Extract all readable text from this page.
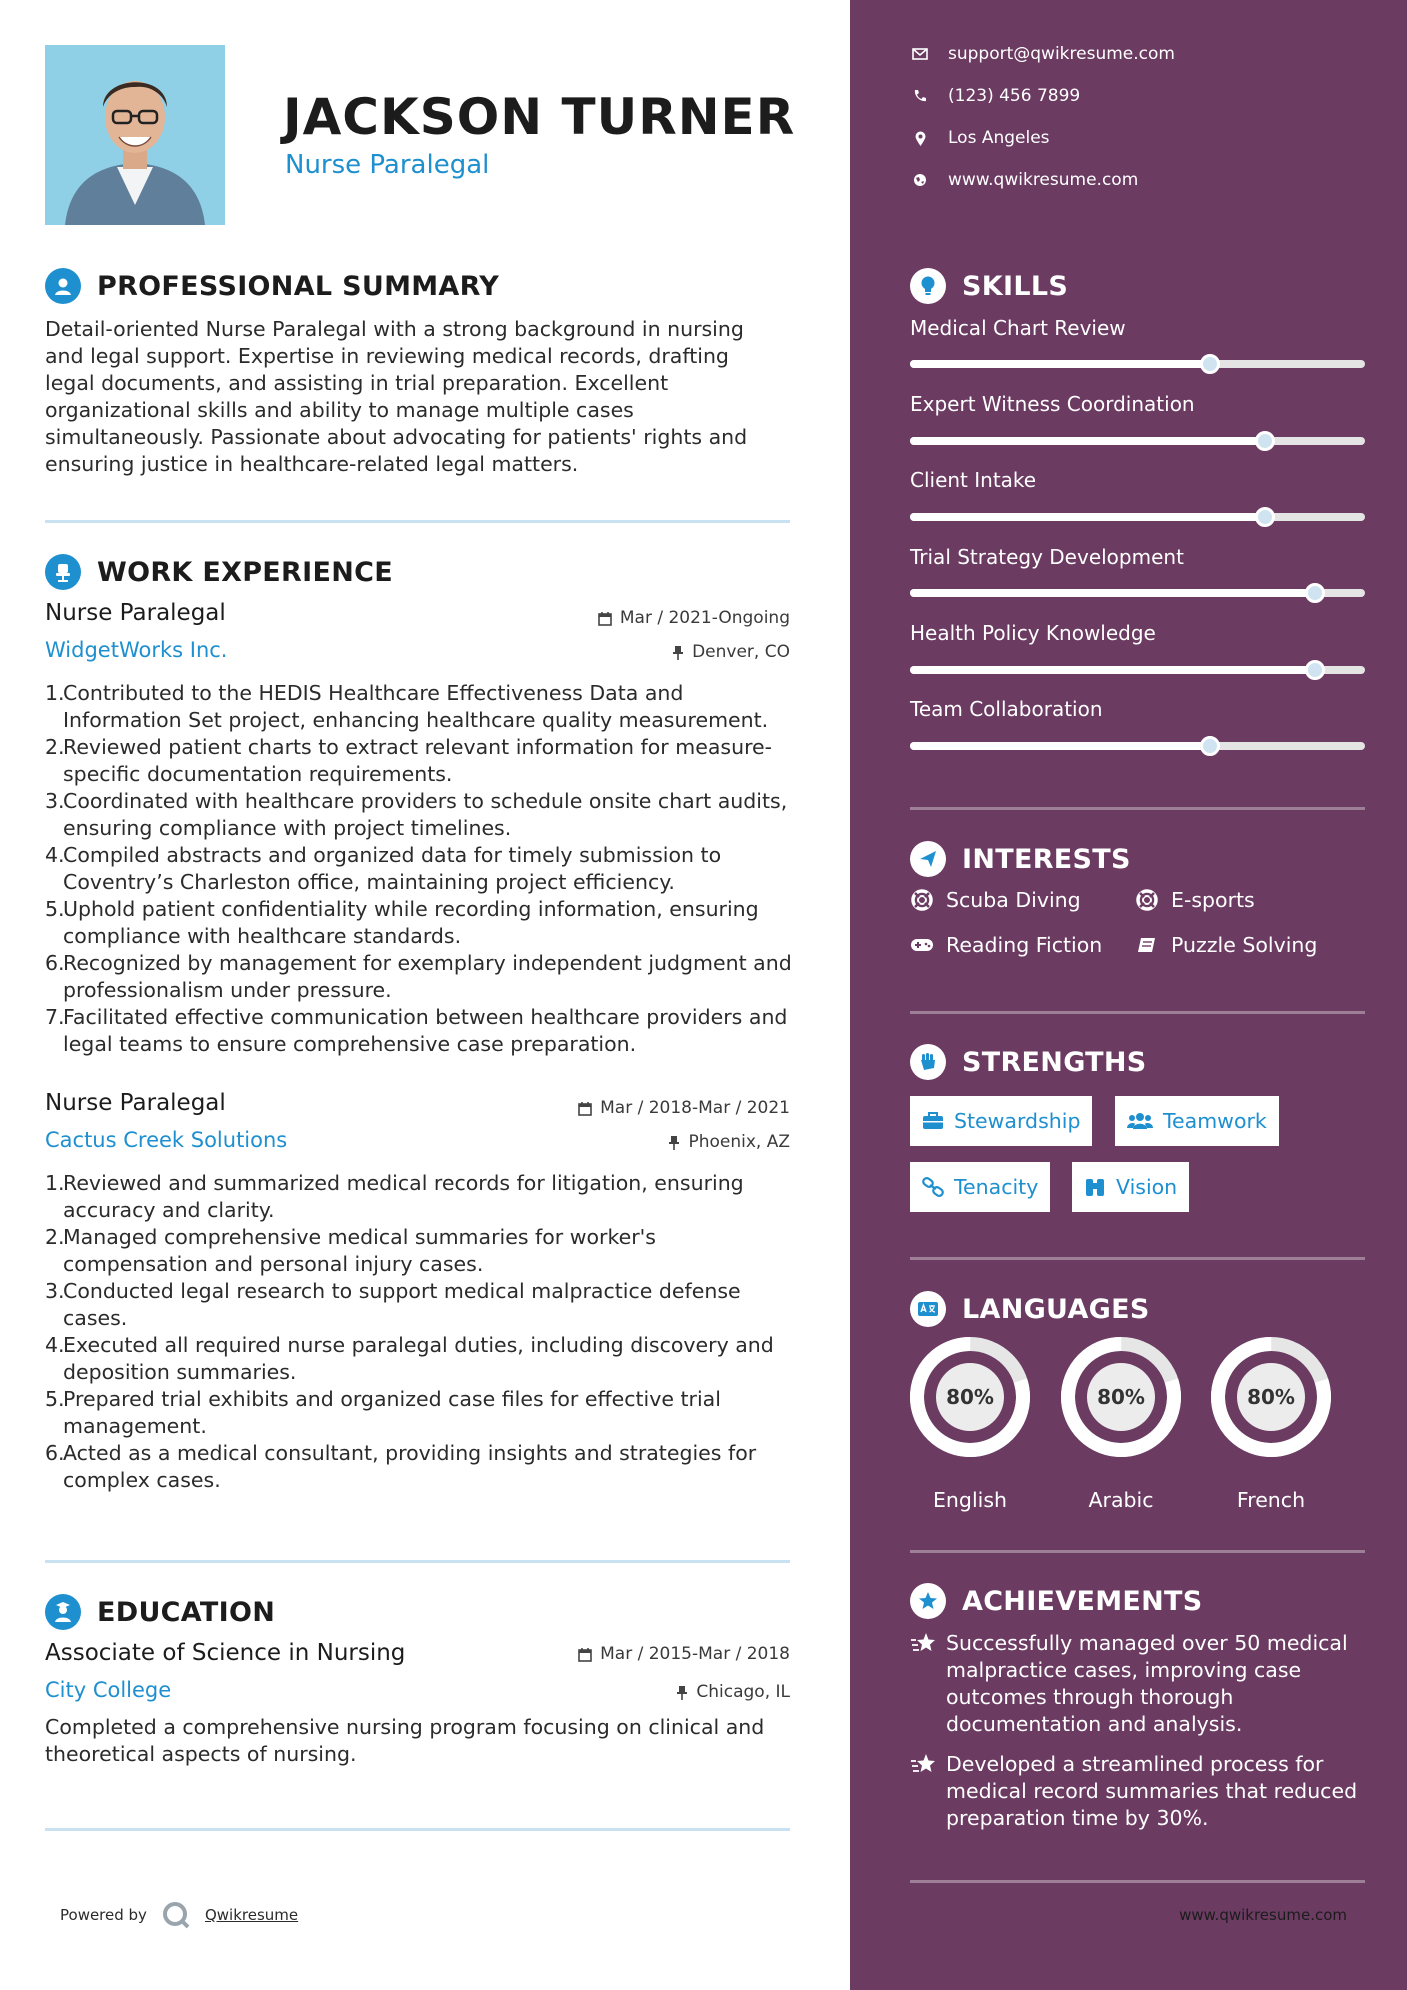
JACKSON TURNER
Nurse Paralegal
PROFESSIONAL SUMMARY
Detail-oriented Nurse Paralegal with a strong background in nursing and legal support. Expertise in reviewing medical records, drafting legal documents, and assisting in trial preparation. Excellent organizational skills and ability to manage multiple cases simultaneously. Passionate about advocating for patients' rights and ensuring justice in healthcare-related legal matters.
WORK EXPERIENCE
Nurse Paralegal	Mar / 2021-Ongoing
WidgetWorks Inc.	Denver, CO
1.
Contributed to the HEDIS Healthcare Effectiveness Data and Information Set project, enhancing healthcare quality measurement.
2.
Reviewed patient charts to extract relevant information for measure-specific documentation requirements.
3.
Coordinated with healthcare providers to schedule onsite chart audits, ensuring compliance with project timelines.
4.
Compiled abstracts and organized data for timely submission to Coventry’s Charleston office, maintaining project efficiency.
5.
Uphold patient confidentiality while recording information, ensuring compliance with healthcare standards.
6.
Recognized by management for exemplary independent judgment and professionalism under pressure.
7.
Facilitated effective communication between healthcare providers and legal teams to ensure comprehensive case preparation.
Nurse Paralegal	Mar / 2018-Mar / 2021
Cactus Creek Solutions	Phoenix, AZ
1.
Reviewed and summarized medical records for litigation, ensuring accuracy and clarity.
2.
Managed comprehensive medical summaries for worker's compensation and personal injury cases.
3.
Conducted legal research to support medical malpractice defense cases.
4.
Executed all required nurse paralegal duties, including discovery and deposition summaries.
5.
Prepared trial exhibits and organized case files for effective trial management.
6.
Acted as a medical consultant, providing insights and strategies for complex cases.
EDUCATION
Associate of Science in Nursing	Mar / 2015-Mar / 2018
City College	Chicago, IL
Completed a comprehensive nursing program focusing on clinical and theoretical aspects of nursing.
Powered by	Qwikresume
support@qwikresume.com
(123) 456 7899
Los Angeles
www.qwikresume.com
SKILLS
Medical Chart Review
Expert Witness Coordination
Client Intake
Trial Strategy Development
Health Policy Knowledge
Team Collaboration
INTERESTS
Scuba Diving	E-sports
Reading Fiction	Puzzle Solving
STRENGTHS
Stewardship	Teamwork
Tenacity	Vision
LANGUAGES
80%
English
80%
Arabic
80%
French
ACHIEVEMENTS
Successfully managed over 50 medical malpractice cases, improving case outcomes through thorough documentation and analysis.
Developed a streamlined process for medical record summaries that reduced preparation time by 30%.
www.qwikresume.com
